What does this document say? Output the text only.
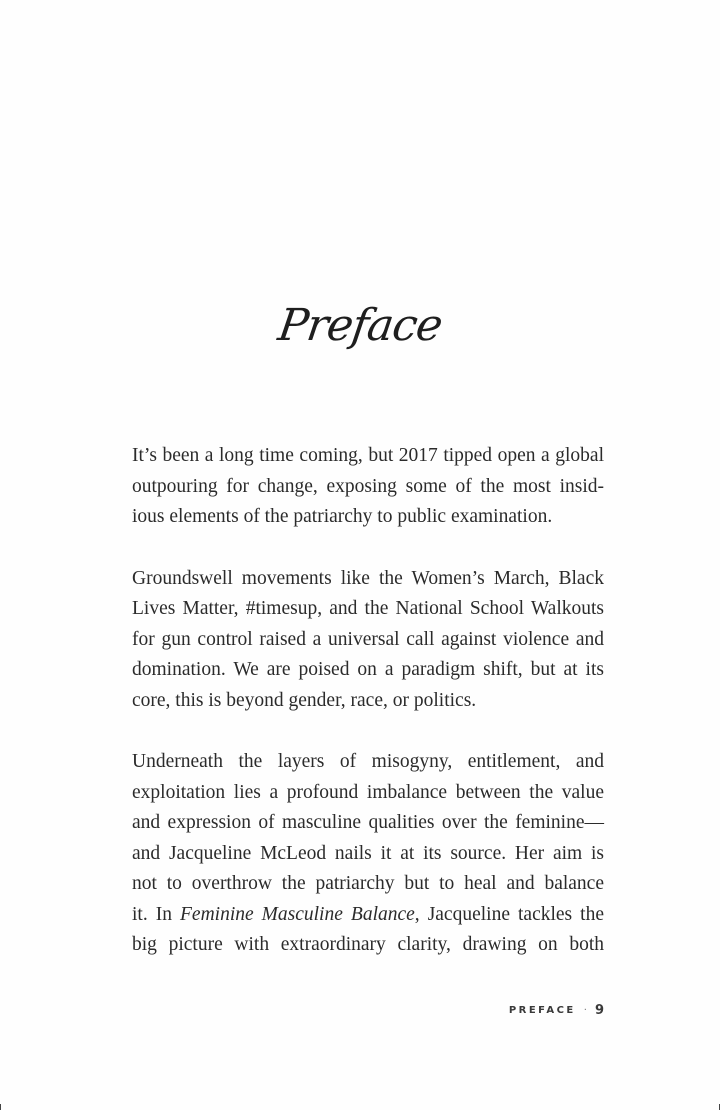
Preface

It’s been a long time coming, but 2017 tipped open a global
outpouring for change, exposing some of the most insid-
ious elements of the patriarchy to public examination.

Groundswell movements like the Women’s March, Black
Lives Matter, #timesup, and the National School Walkouts
for gun control raised a universal call against violence and
domination. We are poised on a paradigm shift, but at its
core, this is beyond gender, race, or politics.

Underneath the layers of misogyny, entitlement, and
exploitation lies a profound imbalance between the value
and expression of masculine qualities over the feminine—
and Jacqueline McLeod nails it at its source. Her aim is
not to overthrow the patriarchy but to heal and balance
it. In Feminine Masculine Balance, Jacqueline tackles the
big picture with extraordinary clarity, drawing on both

PREFACE · 9
